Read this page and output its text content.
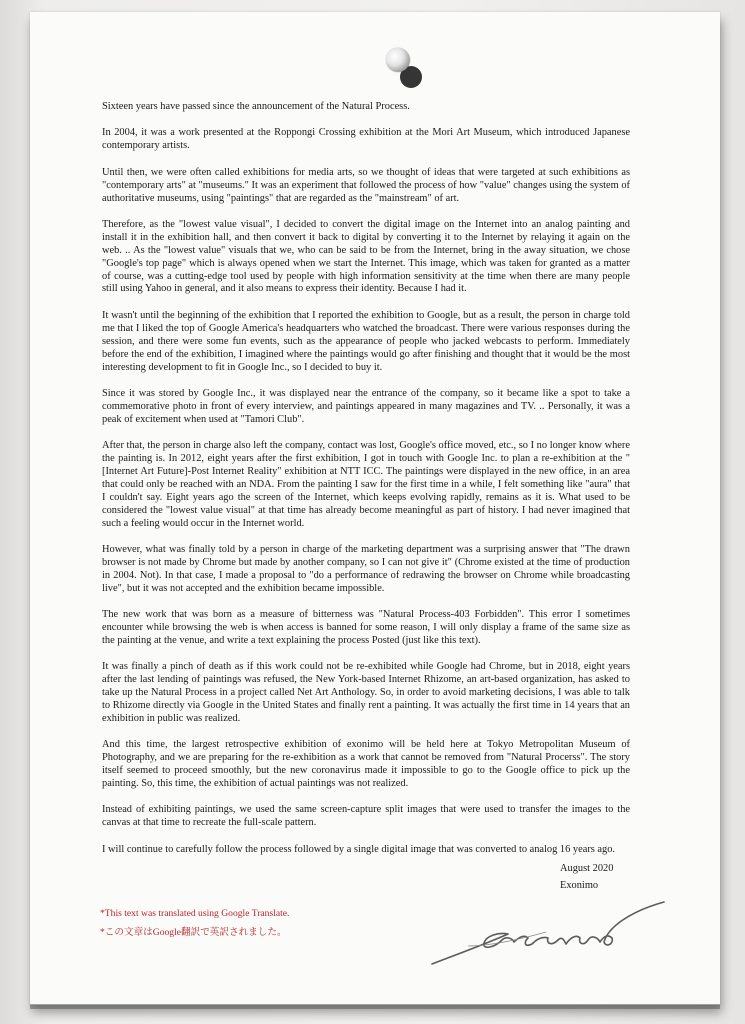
Sixteen years have passed since the announcement of the Natural Process.

In 2004, it was a work presented at the Roppongi Crossing exhibition at the Mori Art Museum, which introduced Japanese contemporary artists.

Until then, we were often called exhibitions for media arts, so we thought of ideas that were targeted at such exhibitions as "contemporary arts" at "museums." It was an experiment that followed the process of how "value" changes using the system of authoritative museums, using "paintings" that are regarded as the "mainstream" of art.

Therefore, as the "lowest value visual", I decided to convert the digital image on the Internet into an analog painting and install it in the exhibition hall, and then convert it back to digital by converting it to the Internet by relaying it again on the web. .. As the "lowest value" visuals that we, who can be said to be from the Internet, bring in the away situation, we chose "Google's top page" which is always opened when we start the Internet. This image, which was taken for granted as a matter of course, was a cutting-edge tool used by people with high information sensitivity at the time when there are many people still using Yahoo in general, and it also means to express their identity. Because I had it.

It wasn't until the beginning of the exhibition that I reported the exhibition to Google, but as a result, the person in charge told me that I liked the top of Google America's headquarters who watched the broadcast. There were various responses during the session, and there were some fun events, such as the appearance of people who jacked webcasts to perform. Immediately before the end of the exhibition, I imagined where the paintings would go after finishing and thought that it would be the most interesting development to fit in Google Inc., so I decided to buy it.

Since it was stored by Google Inc., it was displayed near the entrance of the company, so it became like a spot to take a commemorative photo in front of every interview, and paintings appeared in many magazines and TV. .. Personally, it was a peak of excitement when used at "Tamori Club".

After that, the person in charge also left the company, contact was lost, Google's office moved, etc., so I no longer know where the painting is. In 2012, eight years after the first exhibition, I got in touch with Google Inc. to plan a re-exhibition at the "[Internet Art Future]-Post Internet Reality" exhibition at NTT ICC. The paintings were displayed in the new office, in an area that could only be reached with an NDA. From the painting I saw for the first time in a while, I felt something like "aura" that I couldn't say. Eight years ago the screen of the Internet, which keeps evolving rapidly, remains as it is. What used to be considered the "lowest value visual" at that time has already become meaningful as part of history. I had never imagined that such a feeling would occur in the Internet world.

However, what was finally told by a person in charge of the marketing department was a surprising answer that "The drawn browser is not made by Chrome but made by another company, so I can not give it" (Chrome existed at the time of production in 2004. Not). In that case, I made a proposal to "do a performance of redrawing the browser on Chrome while broadcasting live", but it was not accepted and the exhibition became impossible.

The new work that was born as a measure of bitterness was "Natural Process-403 Forbidden". This error I sometimes encounter while browsing the web is when access is banned for some reason, I will only display a frame of the same size as the painting at the venue, and write a text explaining the process Posted (just like this text).

It was finally a pinch of death as if this work could not be re-exhibited while Google had Chrome, but in 2018, eight years after the last lending of paintings was refused, the New York-based Internet Rhizome, an art-based organization, has asked to take up the Natural Process in a project called Net Art Anthology. So, in order to avoid marketing decisions, I was able to talk to Rhizome directly via Google in the United States and finally rent a painting. It was actually the first time in 14 years that an exhibition in public was realized.

And this time, the largest retrospective exhibition of exonimo will be held here at Tokyo Metropolitan Museum of Photography, and we are preparing for the re-exhibition as a work that cannot be removed from "Natural Procerss". The story itself seemed to proceed smoothly, but the new coronavirus made it impossible to go to the Google office to pick up the painting. So, this time, the exhibition of actual paintings was not realized.

Instead of exhibiting paintings, we used the same screen-capture split images that were used to transfer the images to the canvas at that time to recreate the full-scale pattern.

I will continue to carefully follow the process followed by a single digital image that was converted to analog 16 years ago.

August 2020
Exonimo
*This text was translated using Google Translate.
*この文章はGoogle翻訳で英訳されました。
